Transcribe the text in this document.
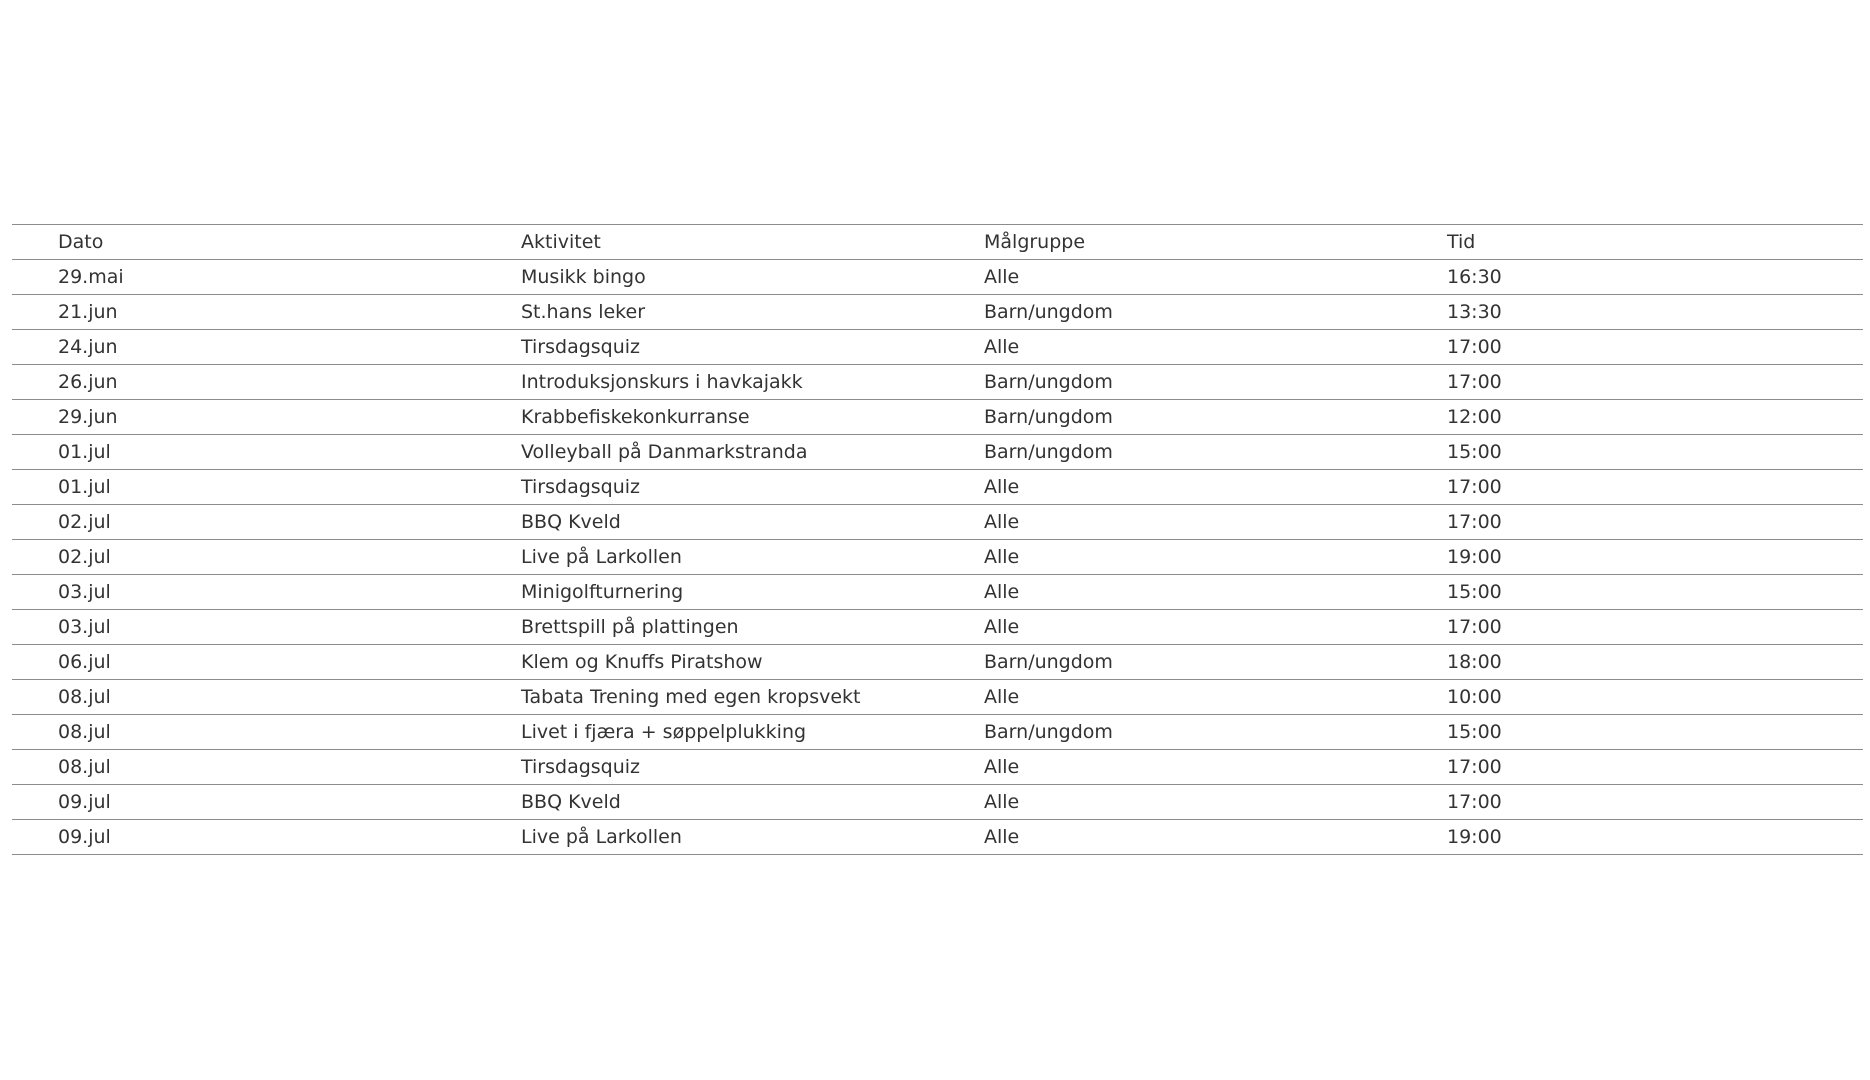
Dato	Aktivitet	Målgruppe	Tid
29.mai	Musikk bingo	Alle	16:30
21.jun	St.hans leker	Barn/ungdom	13:30
24.jun	Tirsdagsquiz	Alle	17:00
26.jun	Introduksjonskurs i havkajakk	Barn/ungdom	17:00
29.jun	Krabbefiskekonkurranse	Barn/ungdom	12:00
01.jul	Volleyball på Danmarkstranda	Barn/ungdom	15:00
01.jul	Tirsdagsquiz	Alle	17:00
02.jul	BBQ Kveld	Alle	17:00
02.jul	Live på Larkollen	Alle	19:00
03.jul	Minigolfturnering	Alle	15:00
03.jul	Brettspill på plattingen	Alle	17:00
06.jul	Klem og Knuffs Piratshow	Barn/ungdom	18:00
08.jul	Tabata Trening med egen kropsvekt	Alle	10:00
08.jul	Livet i fjæra + søppelplukking	Barn/ungdom	15:00
08.jul	Tirsdagsquiz	Alle	17:00
09.jul	BBQ Kveld	Alle	17:00
09.jul	Live på Larkollen	Alle	19:00
